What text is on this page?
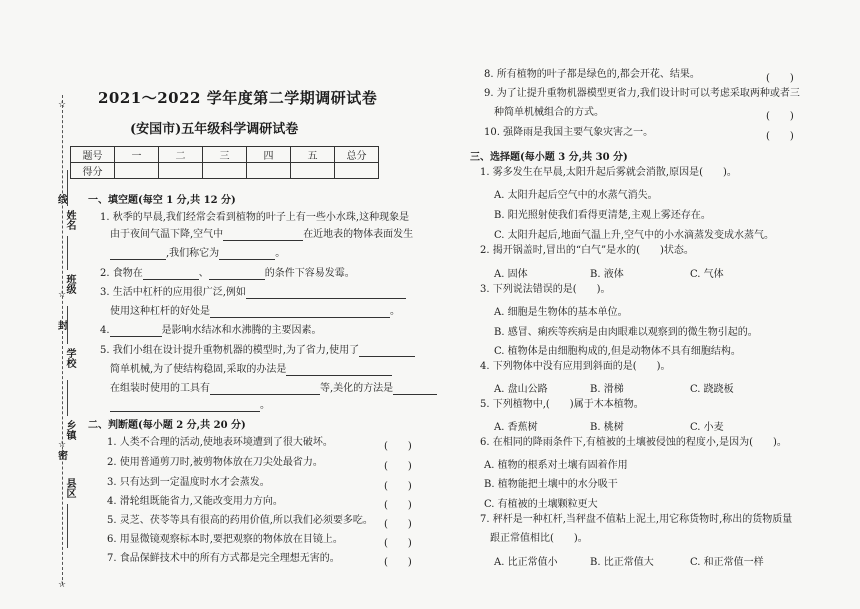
☆
☆
☆
☆
线
封
密
姓名
班级
学校
乡镇
县区
2021～2022 学年度第二学期调研试卷
(安国市)五年级科学调研试卷
题号	一	二	三	四	五	总分
得分						
一、填空题(每空 1 分,共 12 分)
1. 秋季的早晨,我们经常会看到植物的叶子上有一些小水珠,这种现象是
由于夜间气温下降,空气中	在近地表的物体表面发生
,我们称它为	。
2. 食物在	、	的条件下容易发霉。
3. 生活中杠杆的应用很广泛,例如
使用这种杠杆的好处是	。
4.	是影响水结冰和水沸腾的主要因素。
5. 我们小组在设计提升重物机器的模型时,为了省力,使用了
简单机械,为了使结构稳固,采取的办法是
在组装时使用的工具有	等,美化的方法是
。
二、判断题(每小题 2 分,共 20 分)
1. 人类不合理的活动,使地表环境遭到了很大破坏。	(　　)
2. 使用普通剪刀时,被剪物体放在刀尖处最省力。	(　　)
3. 只有达到一定温度时水才会蒸发。	(　　)
4. 滑轮组既能省力,又能改变用力方向。	(　　)
5. 灵芝、茯苓等具有很高的药用价值,所以我们必须要多吃。 (　　)
6. 用显微镜观察标本时,要把观察的物体放在目镜上。	(　　)
7. 食品保鲜技术中的所有方式都是完全理想无害的。	(　　)
8. 所有植物的叶子都是绿色的,都会开花、结果。	(　　)
9. 为了让提升重物机器模型更省力,我们设计时可以考虑采取两种或者三
种简单机械组合的方式。	(　　)
10. 强降雨是我国主要气象灾害之一。	(　　)
三、选择题(每小题 3 分,共 30 分)
1. 雾多发生在早晨,太阳升起后雾就会消散,原因是(　　)。
A. 太阳升起后空气中的水蒸气消失。
B. 阳光照射使我们看得更清楚,主观上雾还存在。
C. 太阳升起后,地面气温上升,空气中的小水滴蒸发变成水蒸气。
2. 揭开锅盖时,冒出的“白气”是水的(　　)状态。
A. 固体	B. 液体	C. 气体
3. 下列说法错误的是(　　)。
A. 细胞是生物体的基本单位。
B. 感冒、痢疾等疾病是由肉眼难以观察到的微生物引起的。
C. 植物体是由细胞构成的,但是动物体不具有细胞结构。
4. 下列物体中没有应用到斜面的是(　　)。
A. 盘山公路	B. 滑梯	C. 跷跷板
5. 下列植物中,(　　)属于木本植物。
A. 香蕉树	B. 桃树	C. 小麦
6. 在相同的降雨条件下,有植被的土壤被侵蚀的程度小,是因为(　　)。
A. 植物的根系对土壤有固着作用
B. 植物能把土壤中的水分吸干
C. 有植被的土壤颗粒更大
7. 秤杆是一种杠杆,当秤盘不值粘上泥土,用它称货物时,称出的货物质量
跟正常值相比(　　)。
A. 比正常值小	B. 比正常值大	C. 和正常值一样
